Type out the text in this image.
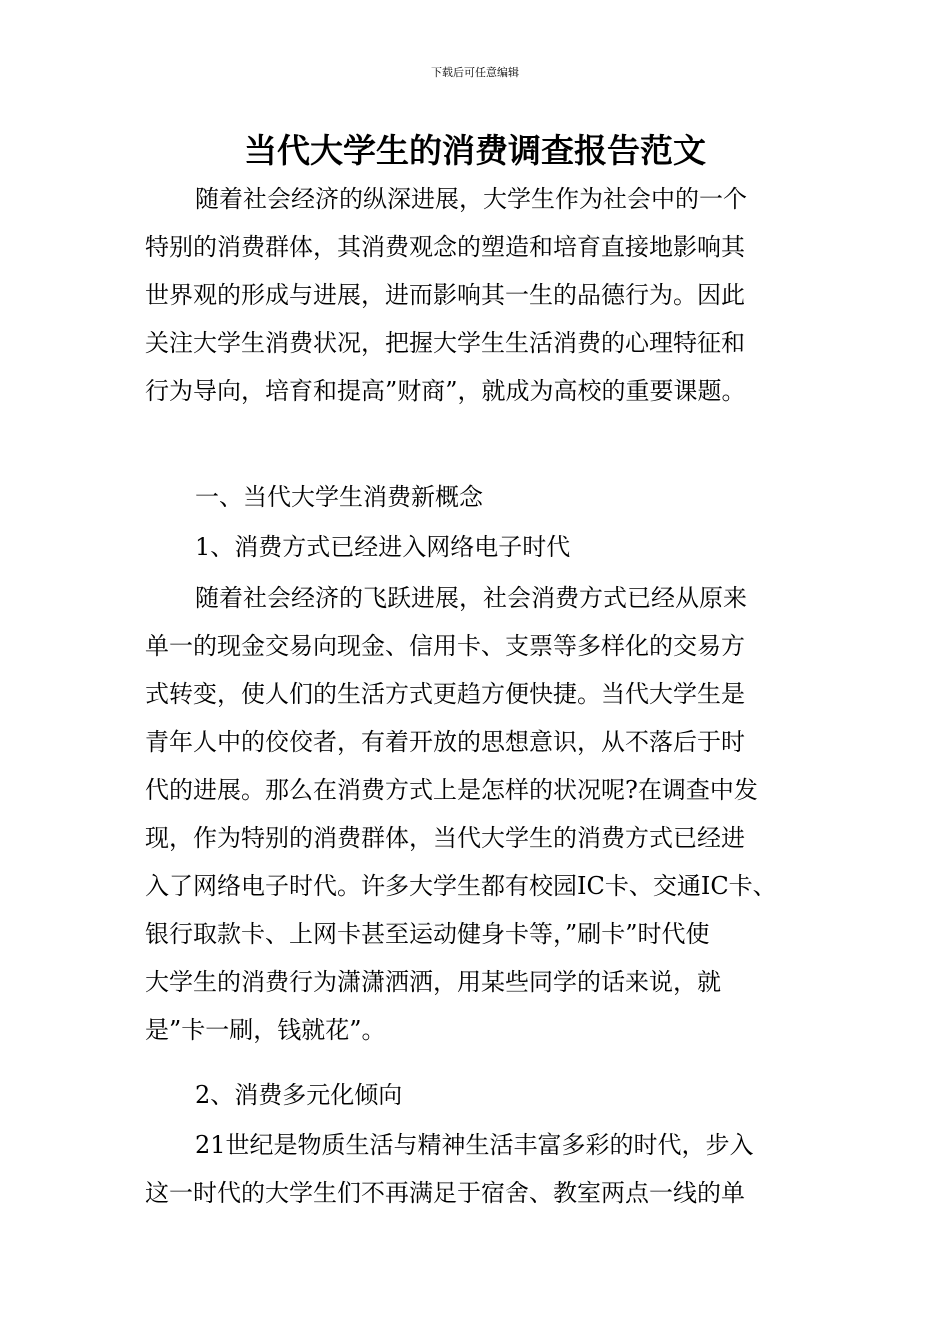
下载后可任意编辑
当代大学生的消费调查报告范文
随着社会经济的纵深进展，大学生作为社会中的一个
特别的消费群体，其消费观念的塑造和培育直接地影响其
世界观的形成与进展，进而影响其一生的品德行为。因此
关注大学生消费状况，把握大学生生活消费的心理特征和
行为导向，培育和提高”财商”，就成为高校的重要课题。
一、当代大学生消费新概念
1、消费方式已经进入网络电子时代
随着社会经济的飞跃进展，社会消费方式已经从原来
单一的现金交易向现金、信用卡、支票等多样化的交易方
式转变，使人们的生活方式更趋方便快捷。当代大学生是
青年人中的佼佼者，有着开放的思想意识，从不落后于时
代的进展。那么在消费方式上是怎样的状况呢?在调查中发
现，作为特别的消费群体，当代大学生的消费方式已经进
入了网络电子时代。许多大学生都有校园IC卡、交通IC卡、
银行取款卡、上网卡甚至运动健身卡等，”刷卡”时代使
大学生的消费行为潇潇洒洒，用某些同学的话来说，就
是”卡一刷，钱就花”。
2、消费多元化倾向
21世纪是物质生活与精神生活丰富多彩的时代，步入
这一时代的大学生们不再满足于宿舍、教室两点一线的单
